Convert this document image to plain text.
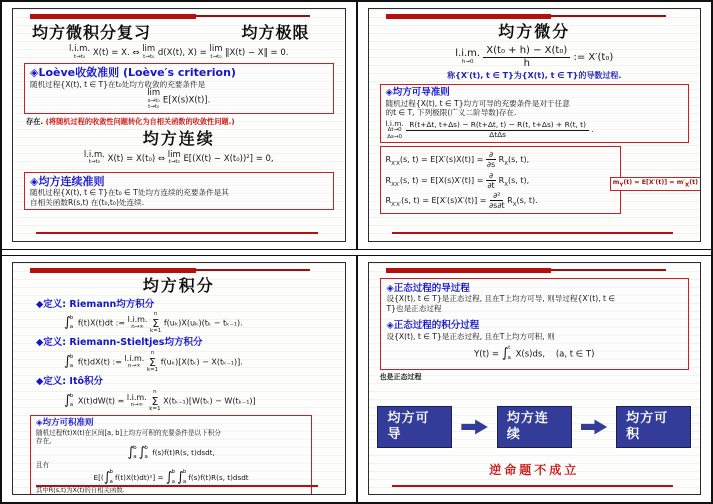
均方微积分复习	均方极限
l.i.m.
t→t₀ X(t) = X. ⇔ lim
t→t₀ d(X(t), X) = lim
t→t₀ ‖X(t) − X‖ = 0.
◈Loève收敛准则 (Loève′s criterion)
随机过程{X(t), t ∈ T}在t₀处均方收敛的充要条件是
lim
s→t₀
t→t₀
E[X(s)X(t)].
存在. (将随机过程的收敛性问题转化为自相关函数的收敛性问题.)
均方连续
l.i.m.
t→t₀ X(t) = X(t₀) ⇔ lim
t→t₀ E[(X(t) − X(t₀))²] = 0,
◈均方连续准则
随机过程{X(t), t ∈ T}在t₀ ∈ T处均方连续的充要条件是其
自相关函数R(s,t) 在(t₀,t₀)处连续.
均方微分
l.i.m.
h→0
$\frac{\text{X(t₀ + h) − X(t₀)}}{h}$ := X′(t₀)
称{X′(t), t ∈ T}为{X(t), t ∈ T}的导数过程.
◈均方可导准则
随机过程{X(t), t ∈ T}均方可导的充要条件是对于任意
的t ∈ T, 下列极限(广义二阶导数)存在.
l.i.m.
Δt→0
Δs→0
$\frac{R(t+\Delta t, t+\Delta s) - R(t+\Delta t, t) - R(t, t+\Delta s) + R(t, t)}{\text{ΔtΔs}}$ .
$R_{X'X}(s$, $t) = E[X'(s)X(t)] = \frac{\partial}{\partial s} R_X(s$, t),
$R_{XX'}(s$, $t) = E[X(s)X'(t)] = \frac{\partial}{\partial t} R_X(s$, t),
$R_{X'X'}(s$, $t) = E[X'(s)X'(t)] = \frac{\text{∂²}}{\partial s\partial t} R_X(s$, t).
$m_Y(t) = E[X'(t)] = m'_X(t)$
均方积分
◆定义: Riemann均方积分
∫ b
a f(t)X(t)dt := l.i.m.
n→∞

n
Σ
k=1
f(uₖ)X(uₖ)(tₖ − tₖ₋₁).
◆定义: Riemann-Stieltjes均方积分
∫ b
a f(t)dX(t) := l.i.m.
n→∞

n
Σ
k=1
f(uₖ)[X(tₖ) − X(tₖ₋₁)].
◆定义: Itô积分
∫ b
a X(t)dW(t) = l.i.m.
n→∞

n
Σ
k=1
X(tₖ₋₁)[W(tₖ) − W(tₖ₋₁)]
◈均方可积准则
随机过程f(t)X(t)在区间[a, b]上均方可积的充要条件是以下积分
存在,
∫ b
a ∫ b
a f(s)f(t)R(s, t)dsdt,
且有
E[(∫ b
a f(t)X(t)dt)²] = ∫ b
a ∫ b
a f(s)f(t)R(s, t)dsdt
其中R(s,t)为X(t)的自相关函数.
◈正态过程的导过程
设{X(t), t ∈ T}是正态过程, 且在T上均方可导, 则导过程{X′(t), t ∈
T}也是正态过程
◈正态过程的积分过程
设{X(t), t ∈ T}是正态过程, 且在T上均方可积, 则
Y(t) = ∫ t
a X(s)ds, (a, t ∈ T)
也是正态过程
均方可导
均方连续
均方可积
逆命题不成立
